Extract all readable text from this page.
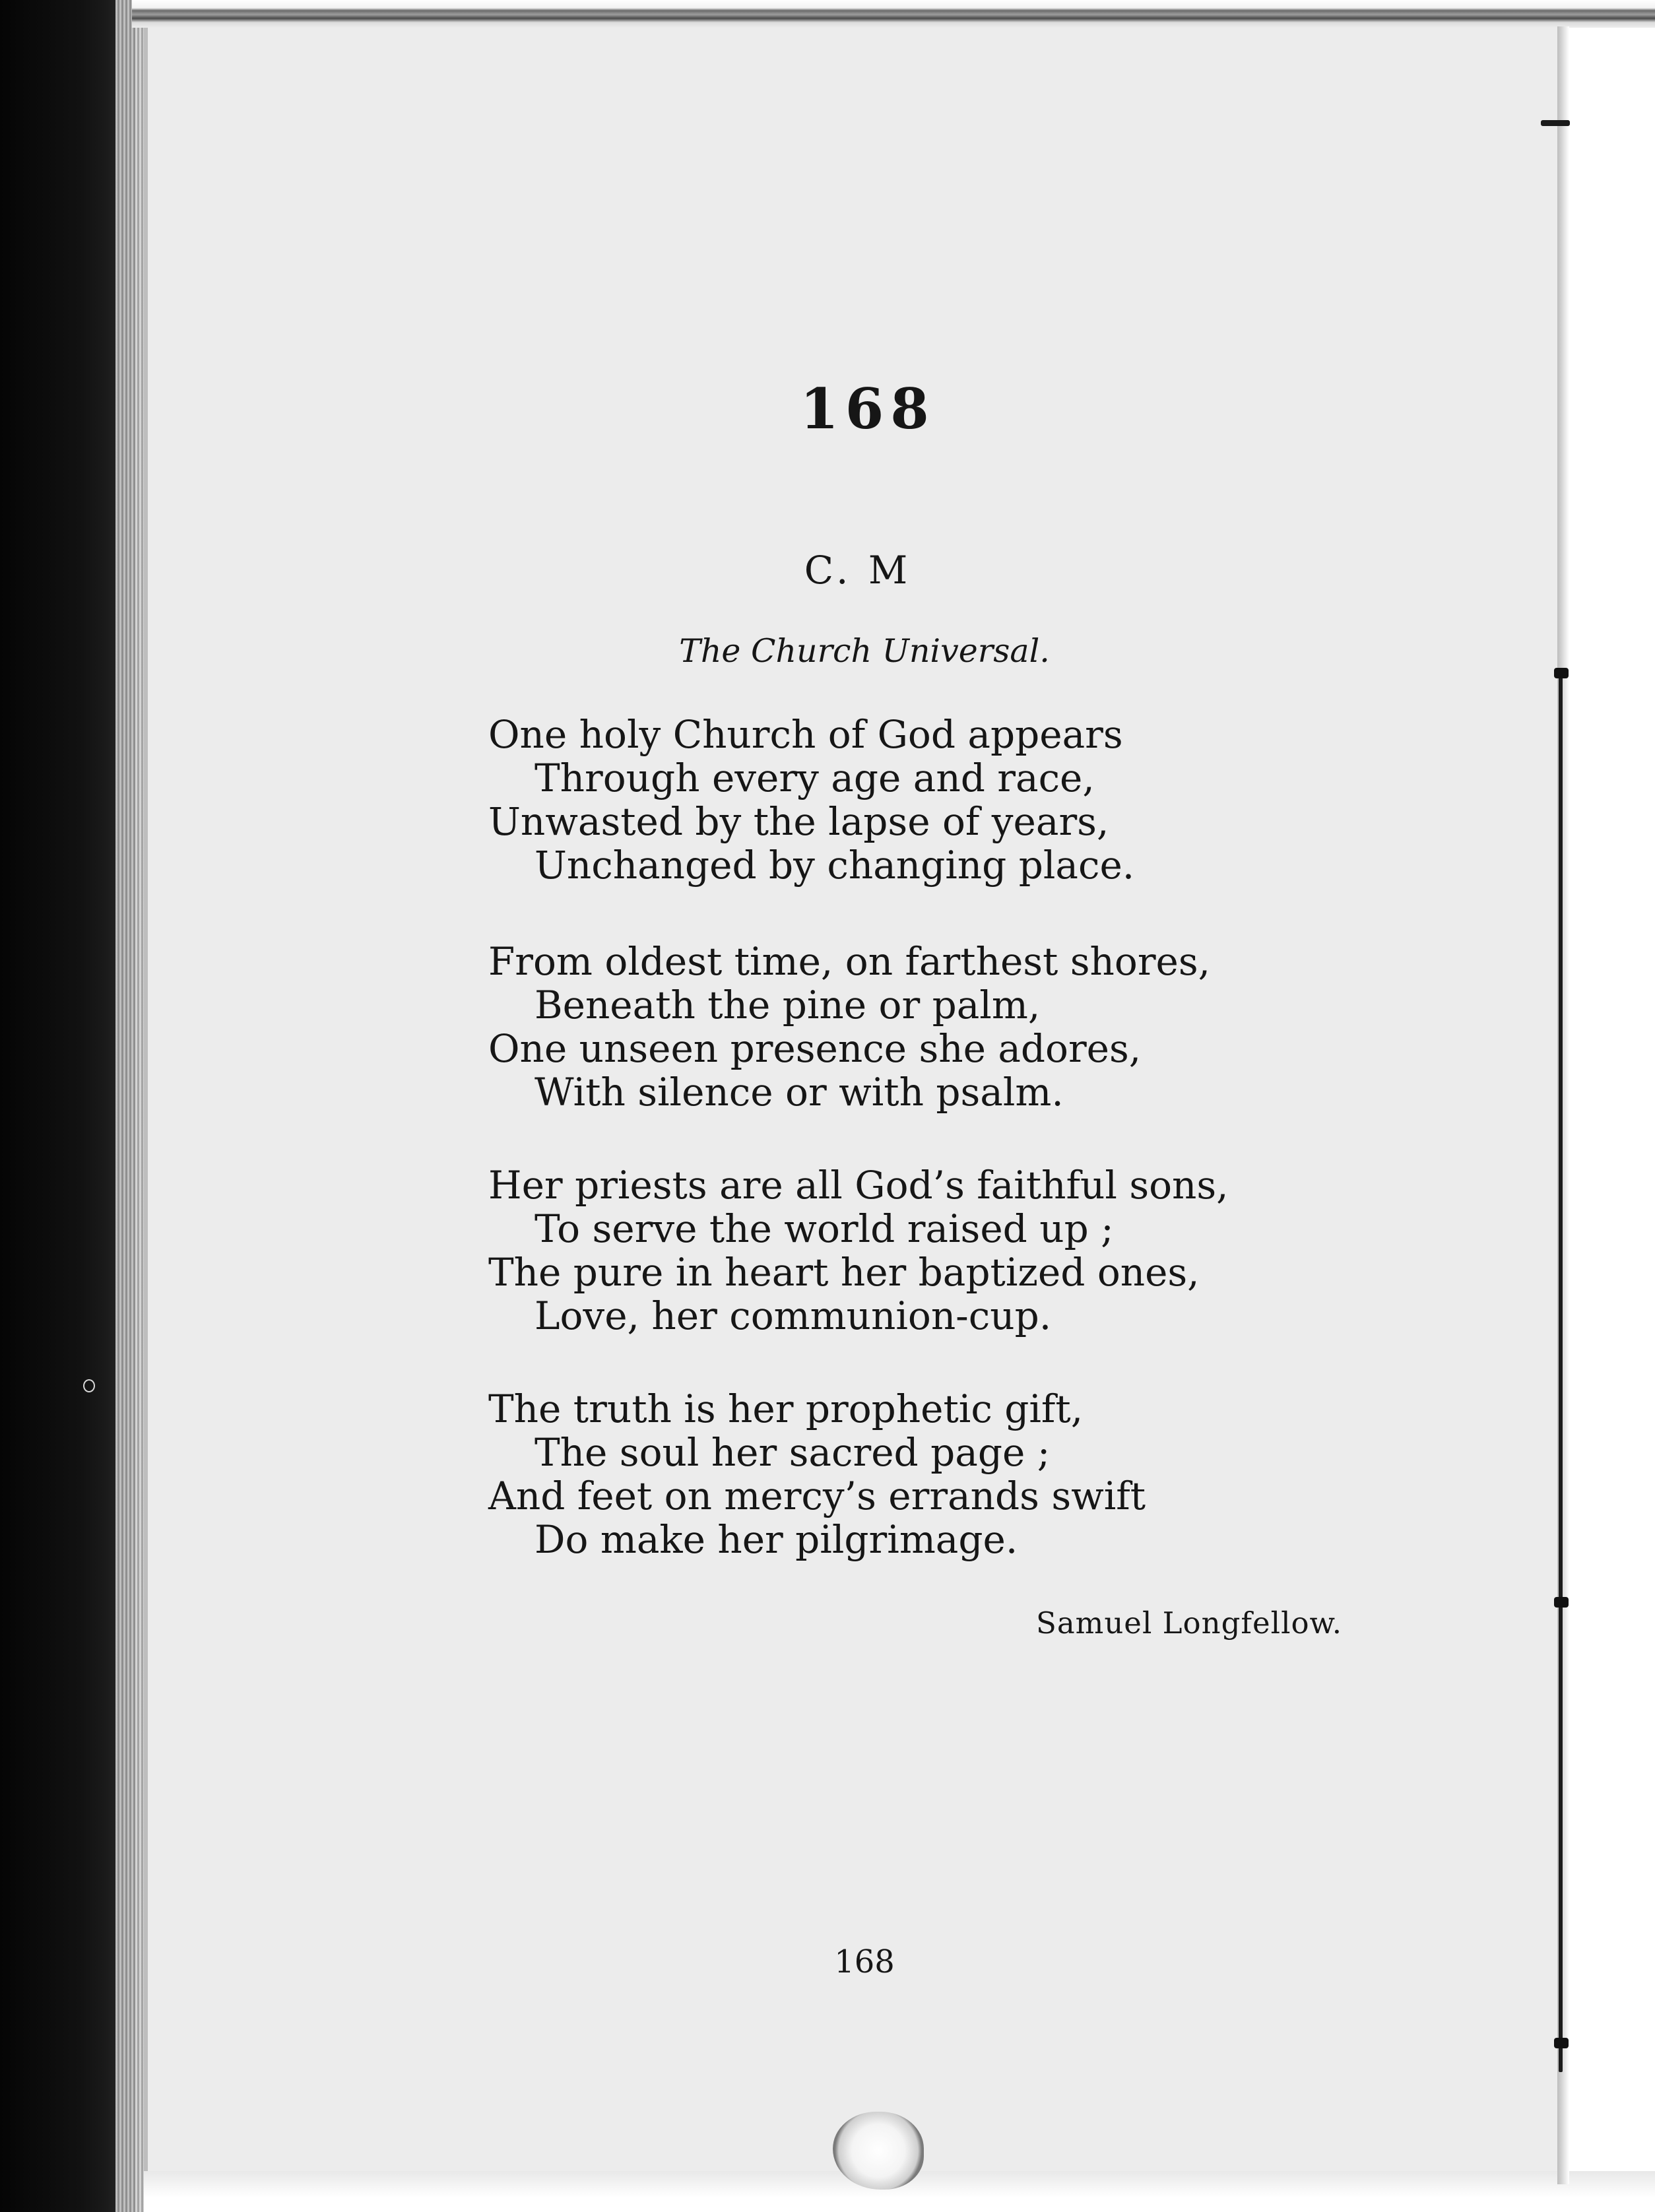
168
C. M
The Church Universal.
One holy Church of God appears
Through every age and race,
Unwasted by the lapse of years,
Unchanged by changing place.
From oldest time, on farthest shores,
Beneath the pine or palm,
One unseen presence she adores,
With silence or with psalm.
Her priests are all God’s faithful sons,
To serve the world raised up ;
The pure in heart her baptized ones,
Love, her communion-cup.
The truth is her prophetic gift,
The soul her sacred page ;
And feet on mercy’s errands swift
Do make her pilgrimage.
Samuel Longfellow.
168
